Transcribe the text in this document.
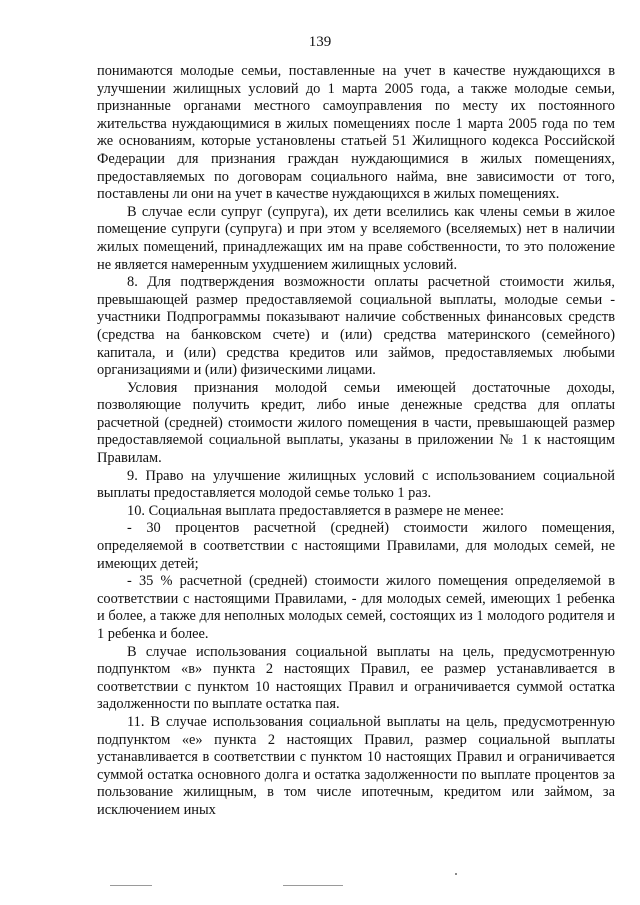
139

понимаются молодые семьи, поставленные на учет в качестве нуждающихся в улучшении жилищных условий до 1 марта 2005 года, а также молодые семьи, признанные органами местного самоуправления по месту их постоянного жительства нуждающимися в жилых помещениях после 1 марта 2005 года по тем же основаниям, которые установлены статьей 51 Жилищного кодекса Российской Федерации для признания граждан нуждающимися в жилых помещениях, предоставляемых по договорам социального найма, вне зависимости от того, поставлены ли они на учет в качестве нуждающихся в жилых помещениях.

В случае если супруг (супруга), их дети вселились как члены семьи в жилое помещение супруги (супруга) и при этом у вселяемого (вселяемых) нет в наличии жилых помещений, принадлежащих им на праве собственности, то это положение не является намеренным ухудшением жилищных условий.

8. Для подтверждения возможности оплаты расчетной стоимости жилья, превышающей размер предоставляемой социальной выплаты, молодые семьи - участники Подпрограммы показывают наличие собственных финансовых средств (средства на банковском счете) и (или) средства материнского (семейного) капитала, и (или) средства кредитов или займов, предоставляемых любыми организациями и (или) физическими лицами.

Условия признания молодой семьи имеющей достаточные доходы, позволяющие получить кредит, либо иные денежные средства для оплаты расчетной (средней) стоимости жилого помещения в части, превышающей размер предоставляемой социальной выплаты, указаны в приложении № 1 к настоящим Правилам.

9. Право на улучшение жилищных условий с использованием социальной выплаты предоставляется молодой семье только 1 раз.

10. Социальная выплата предоставляется в размере не менее:

- 30 процентов расчетной (средней) стоимости жилого помещения, определяемой в соответствии с настоящими Правилами, для молодых семей, не имеющих детей;

- 35 % расчетной (средней) стоимости жилого помещения определяемой в соответствии с настоящими Правилами, - для молодых семей, имеющих 1 ребенка и более, а также для неполных молодых семей, состоящих из 1 молодого родителя и 1 ребенка и более.

В случае использования социальной выплаты на цель, предусмотренную подпунктом «в» пункта 2 настоящих Правил, ее размер устанавливается в соответствии с пунктом 10 настоящих Правил и ограничивается суммой остатка задолженности по выплате остатка пая.

11. В случае использования социальной выплаты на цель, предусмотренную подпунктом «е» пункта 2 настоящих Правил, размер социальной выплаты устанавливается в соответствии с пунктом 10 настоящих Правил и ограничивается суммой остатка основного долга и остатка задолженности по выплате процентов за пользование жилищным, в том числе ипотечным, кредитом или займом, за исключением иных
